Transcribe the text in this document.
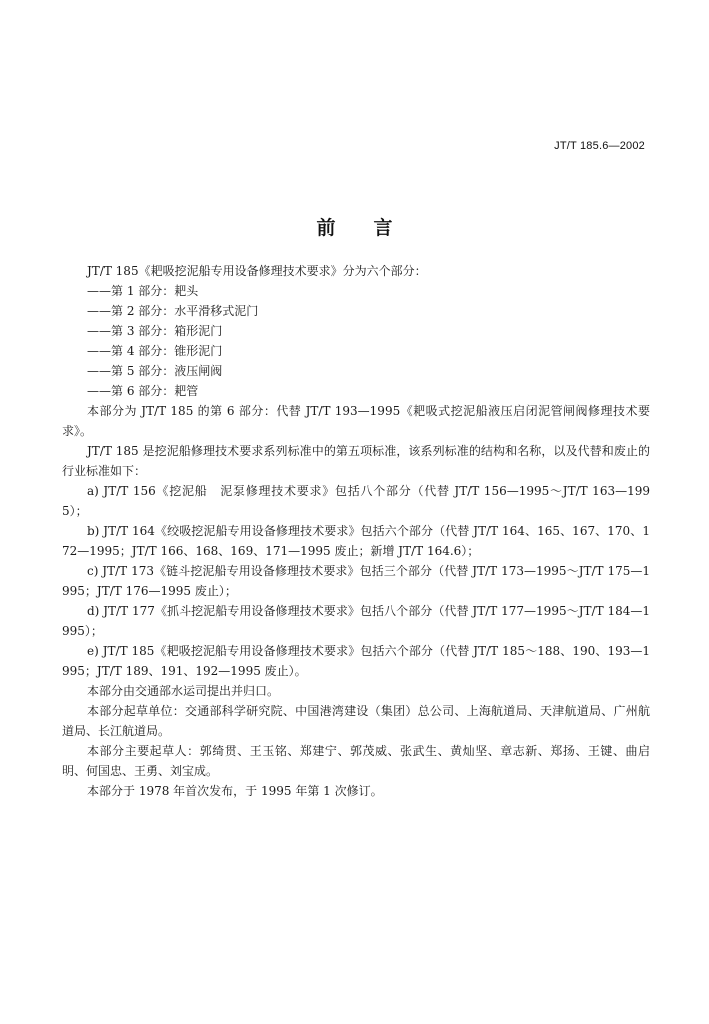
JT/T 185.6—2002
前言

JT/T 185《耙吸挖泥船专用设备修理技术要求》分为六个部分：

——第 1 部分：耙头
——第 2 部分：水平滑移式泥门
——第 3 部分：箱形泥门
——第 4 部分：锥形泥门
——第 5 部分：液压闸阀
——第 6 部分：耙管

本部分为 JT/T 185 的第 6 部分：代替 JT/T 193—1995《耙吸式挖泥船液压启闭泥管闸阀修理技术要求》。

JT/T 185 是挖泥船修理技术要求系列标准中的第五项标准，该系列标准的结构和名称，以及代替和废止的行业标准如下：

a) JT/T 156《挖泥船　泥泵修理技术要求》包括八个部分（代替 JT/T 156—1995～JT/T 163—1995）；

b) JT/T 164《绞吸挖泥船专用设备修理技术要求》包括六个部分（代替 JT/T 164、165、167、170、172—1995；JT/T 166、168、169、171—1995 废止；新增 JT/T 164.6）；

c) JT/T 173《链斗挖泥船专用设备修理技术要求》包括三个部分（代替 JT/T 173—1995～JT/T 175—1995；JT/T 176—1995 废止）；

d) JT/T 177《抓斗挖泥船专用设备修理技术要求》包括八个部分（代替 JT/T 177—1995～JT/T 184—1995）；

e) JT/T 185《耙吸挖泥船专用设备修理技术要求》包括六个部分（代替 JT/T 185～188、190、193—1995；JT/T 189、191、192—1995 废止）。

本部分由交通部水运司提出并归口。

本部分起草单位：交通部科学研究院、中国港湾建设（集团）总公司、上海航道局、天津航道局、广州航道局、长江航道局。

本部分主要起草人：郭绮贯、王玉铭、郑建宁、郭茂威、张武生、黄灿坚、章志新、郑扬、王键、曲启明、何国忠、王勇、刘宝成。

本部分于 1978 年首次发布，于 1995 年第 1 次修订。
